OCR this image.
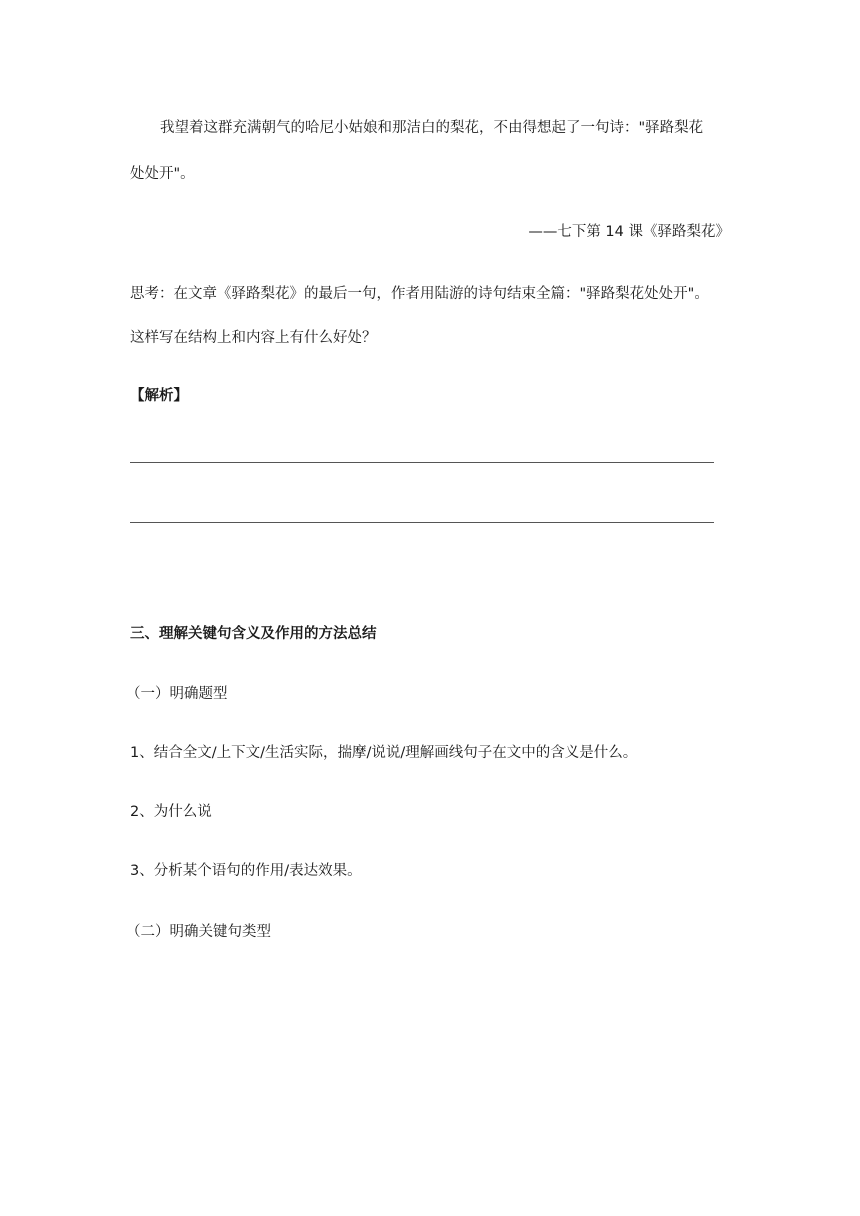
我望着这群充满朝气的哈尼小姑娘和那洁白的梨花，不由得想起了一句诗："驿路梨花
处处开"。
——七下第 14 课《驿路梨花》
思考：在文章《驿路梨花》的最后一句，作者用陆游的诗句结束全篇："驿路梨花处处开"。
这样写在结构上和内容上有什么好处？
【解析】
三、理解关键句含义及作用的方法总结
（一）明确题型
1、结合全文/上下文/生活实际，揣摩/说说/理解画线句子在文中的含义是什么。
2、为什么说
3、分析某个语句的作用/表达效果。
（二）明确关键句类型
